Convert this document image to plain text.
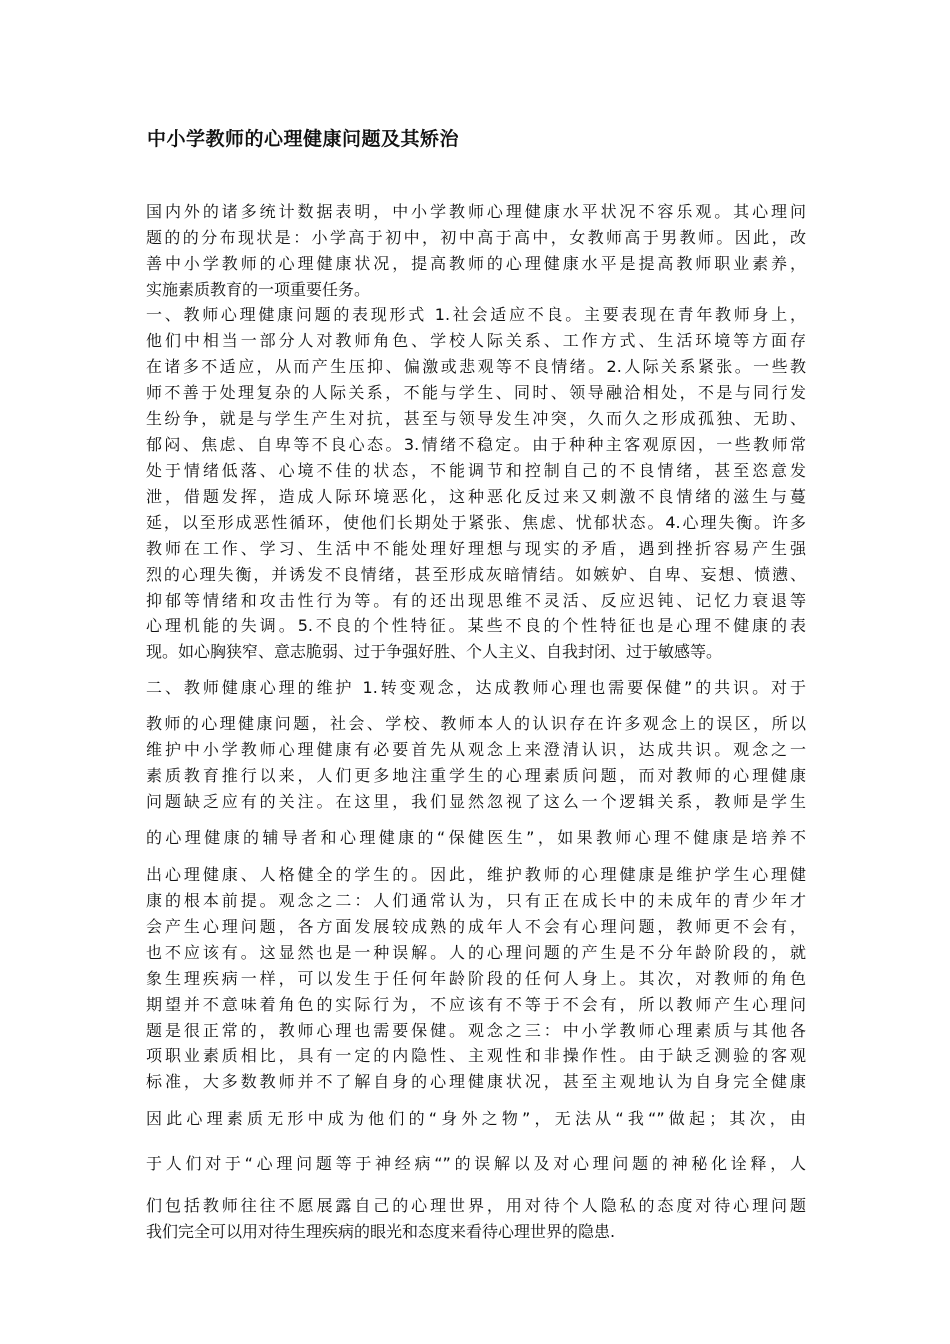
中小学教师的心理健康问题及其矫治
国内外的诸多统计数据表明，中小学教师心理健康水平状况不容乐观。其心理问
题的的分布现状是：小学高于初中，初中高于高中，女教师高于男教师。因此，改
善中小学教师的心理健康状况，提高教师的心理健康水平是提高教师职业素养，
实施素质教育的一项重要任务。
一、教师心理健康问题的表现形式 1.社会适应不良。主要表现在青年教师身上，
他们中相当一部分人对教师角色、学校人际关系、工作方式、生活环境等方面存
在诸多不适应，从而产生压抑、偏激或悲观等不良情绪。2.人际关系紧张。一些教
师不善于处理复杂的人际关系，不能与学生、同时、领导融洽相处，不是与同行发
生纷争，就是与学生产生对抗，甚至与领导发生冲突，久而久之形成孤独、无助、
郁闷、焦虑、自卑等不良心态。3.情绪不稳定。由于种种主客观原因，一些教师常
处于情绪低落、心境不佳的状态，不能调节和控制自己的不良情绪，甚至恣意发
泄，借题发挥，造成人际环境恶化，这种恶化反过来又刺激不良情绪的滋生与蔓
延，以至形成恶性循环，使他们长期处于紧张、焦虑、忧郁状态。4.心理失衡。许多
教师在工作、学习、生活中不能处理好理想与现实的矛盾，遇到挫折容易产生强
烈的心理失衡，并诱发不良情绪，甚至形成灰暗情结。如嫉妒、自卑、妄想、愤懑、
抑郁等情绪和攻击性行为等。有的还出现思维不灵活、反应迟钝、记忆力衰退等
心理机能的失调。5.不良的个性特征。某些不良的个性特征也是心理不健康的表
现。如心胸狭窄、意志脆弱、过于争强好胜、个人主义、自我封闭、过于敏感等。
二、教师健康心理的维护 1.转变观念，达成教师心理也需要保健”的共识。对于
教师的心理健康问题，社会、学校、教师本人的认识存在许多观念上的误区，所以
维护中小学教师心理健康有必要首先从观念上来澄清认识，达成共识。观念之一
素质教育推行以来，人们更多地注重学生的心理素质问题，而对教师的心理健康
问题缺乏应有的关注。在这里，我们显然忽视了这么一个逻辑关系，教师是学生
的心理健康的辅导者和心理健康的“保健医生”，如果教师心理不健康是培养不
出心理健康、人格健全的学生的。因此，维护教师的心理健康是维护学生心理健
康的根本前提。观念之二：人们通常认为，只有正在成长中的未成年的青少年才
会产生心理问题，各方面发展较成熟的成年人不会有心理问题，教师更不会有，
也不应该有。这显然也是一种误解。人的心理问题的产生是不分年龄阶段的，就
象生理疾病一样，可以发生于任何年龄阶段的任何人身上。其次，对教师的角色
期望并不意味着角色的实际行为，不应该有不等于不会有，所以教师产生心理问
题是很正常的，教师心理也需要保健。观念之三：中小学教师心理素质与其他各
项职业素质相比，具有一定的内隐性、主观性和非操作性。由于缺乏测验的客观
标准，大多数教师并不了解自身的心理健康状况，甚至主观地认为自身完全健康
因此心理素质无形中成为他们的“身外之物”，无法从“我“”做起；其次，由
于人们对于“心理问题等于神经病“”的误解以及对心理问题的神秘化诠释，人
们包括教师往往不愿展露自己的心理世界，用对待个人隐私的态度对待心理问题
我们完全可以用对待生理疾病的眼光和态度来看待心理世界的隐患.
